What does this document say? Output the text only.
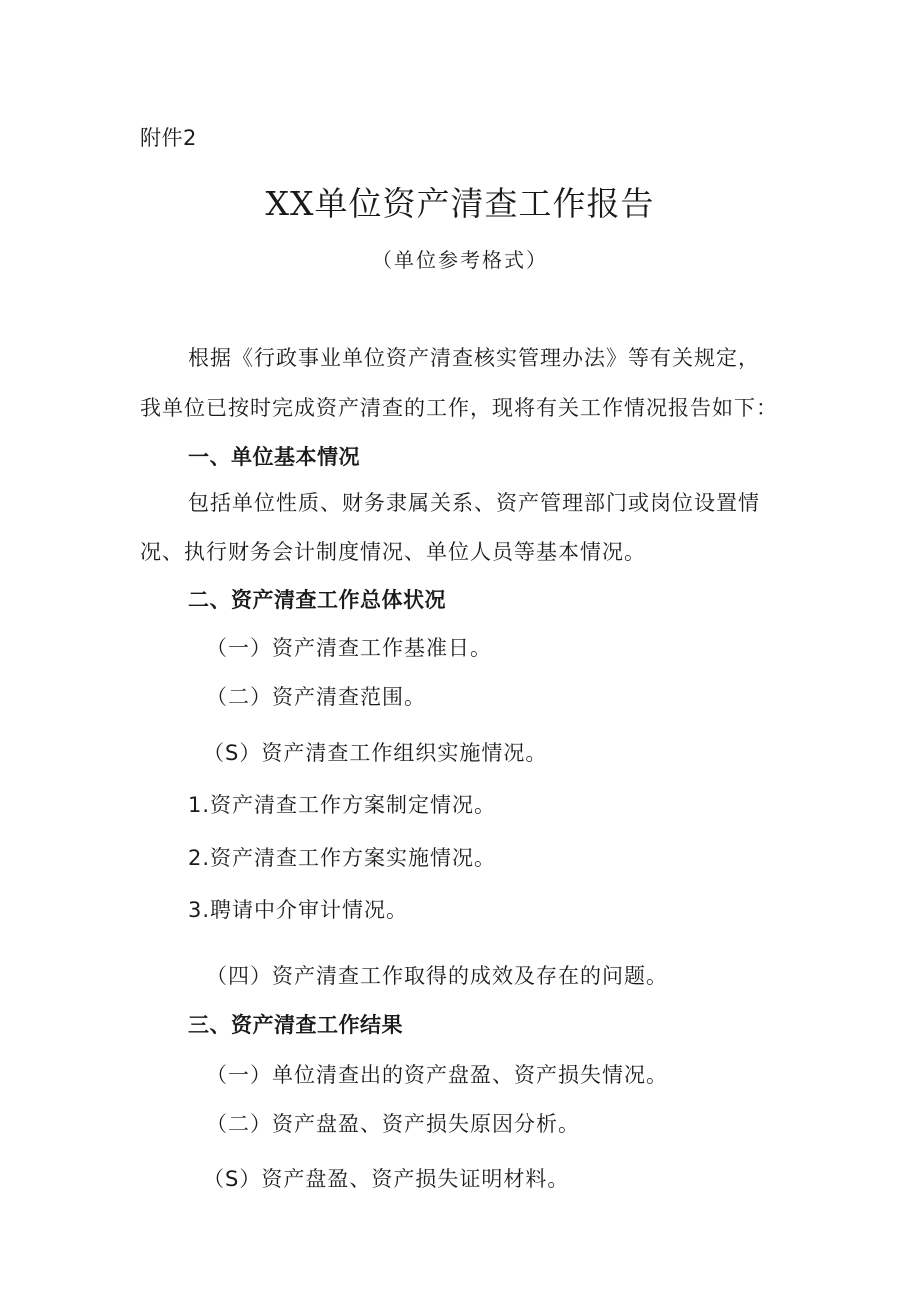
附件2
XX单位资产清查工作报告
（单位参考格式）
根据《行政事业单位资产清查核实管理办法》等有关规定，
我单位已按时完成资产清查的工作，现将有关工作情况报告如下：
一、单位基本情况
包括单位性质、财务隶属关系、资产管理部门或岗位设置情
况、执行财务会计制度情况、单位人员等基本情况。
二、资产清查工作总体状况
（一）资产清查工作基准日。
（二）资产清查范围。
（S）资产清查工作组织实施情况。
1.资产清查工作方案制定情况。
2.资产清查工作方案实施情况。
3.聘请中介审计情况。
（四）资产清查工作取得的成效及存在的问题。
三、资产清查工作结果
（一）单位清查出的资产盘盈、资产损失情况。
（二）资产盘盈、资产损失原因分析。
（S）资产盘盈、资产损失证明材料。
